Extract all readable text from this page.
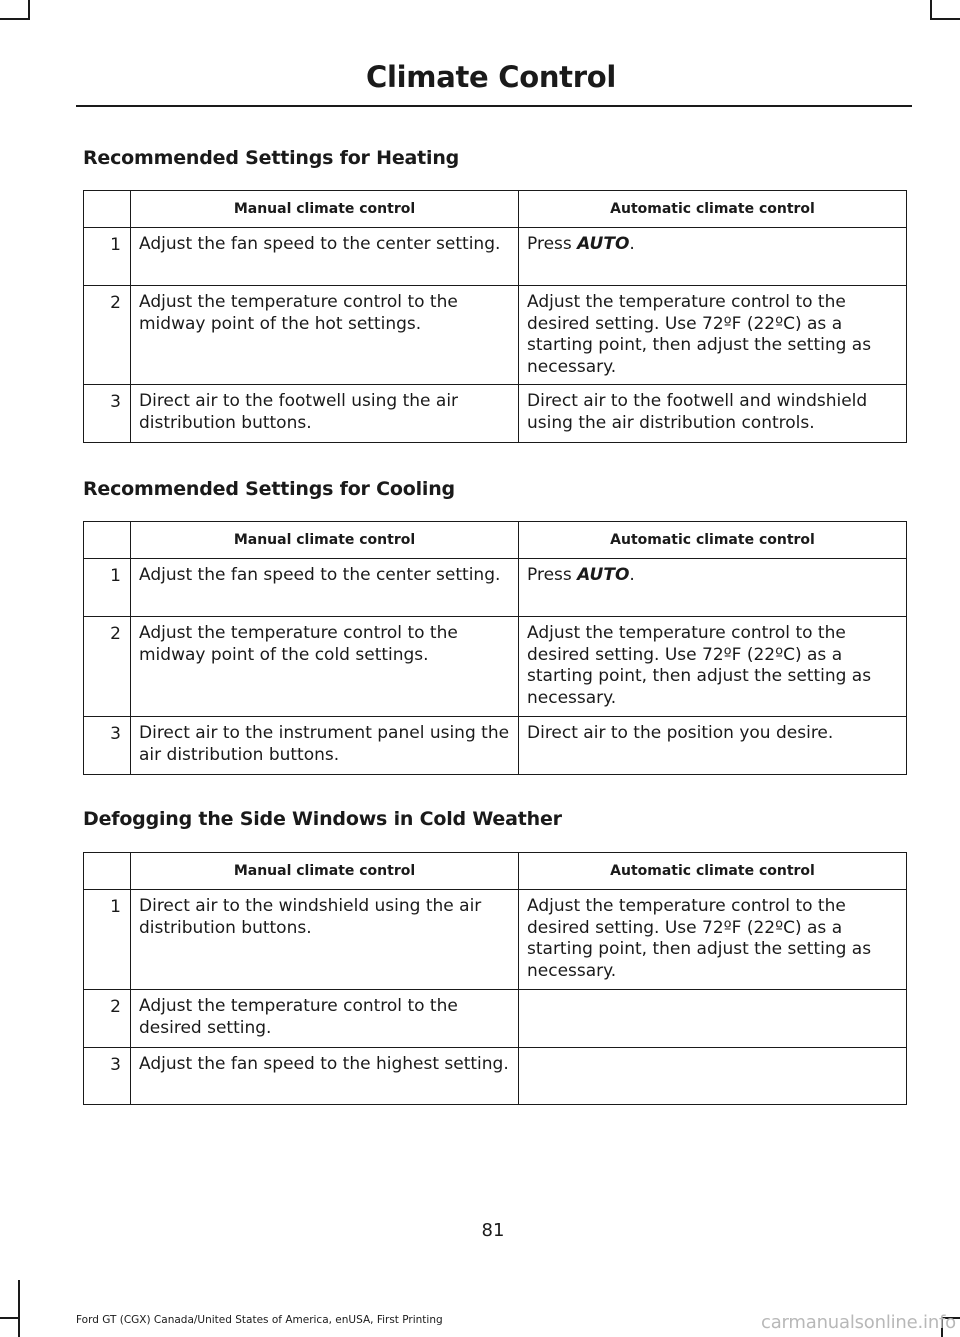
Climate Control
Recommended Settings for Heating
	Manual climate control	Automatic climate control
1	Adjust the fan speed to the center setting.	Press AUTO.
2	Adjust the temperature control to the midway point of the hot settings.	Adjust the temperature control to the desired setting. Use 72ºF (22ºC) as a starting point, then adjust the setting as necessary.
3	Direct air to the footwell using the air distribution buttons.	Direct air to the footwell and windshield using the air distribution controls.
Recommended Settings for Cooling
	Manual climate control	Automatic climate control
1	Adjust the fan speed to the center setting.	Press AUTO.
2	Adjust the temperature control to the midway point of the cold settings.	Adjust the temperature control to the desired setting. Use 72ºF (22ºC) as a starting point, then adjust the setting as necessary.
3	Direct air to the instrument panel using the air distribution buttons.	Direct air to the position you desire.
Defogging the Side Windows in Cold Weather
	Manual climate control	Automatic climate control
1	Direct air to the windshield using the air distribution buttons.	Adjust the temperature control to the desired setting. Use 72ºF (22ºC) as a starting point, then adjust the setting as necessary.
2	Adjust the temperature control to the desired setting.	
3	Adjust the fan speed to the highest setting.	
81
Ford GT (CGX) Canada/United States of America, enUSA, First Printing	carmanualsonline.info
